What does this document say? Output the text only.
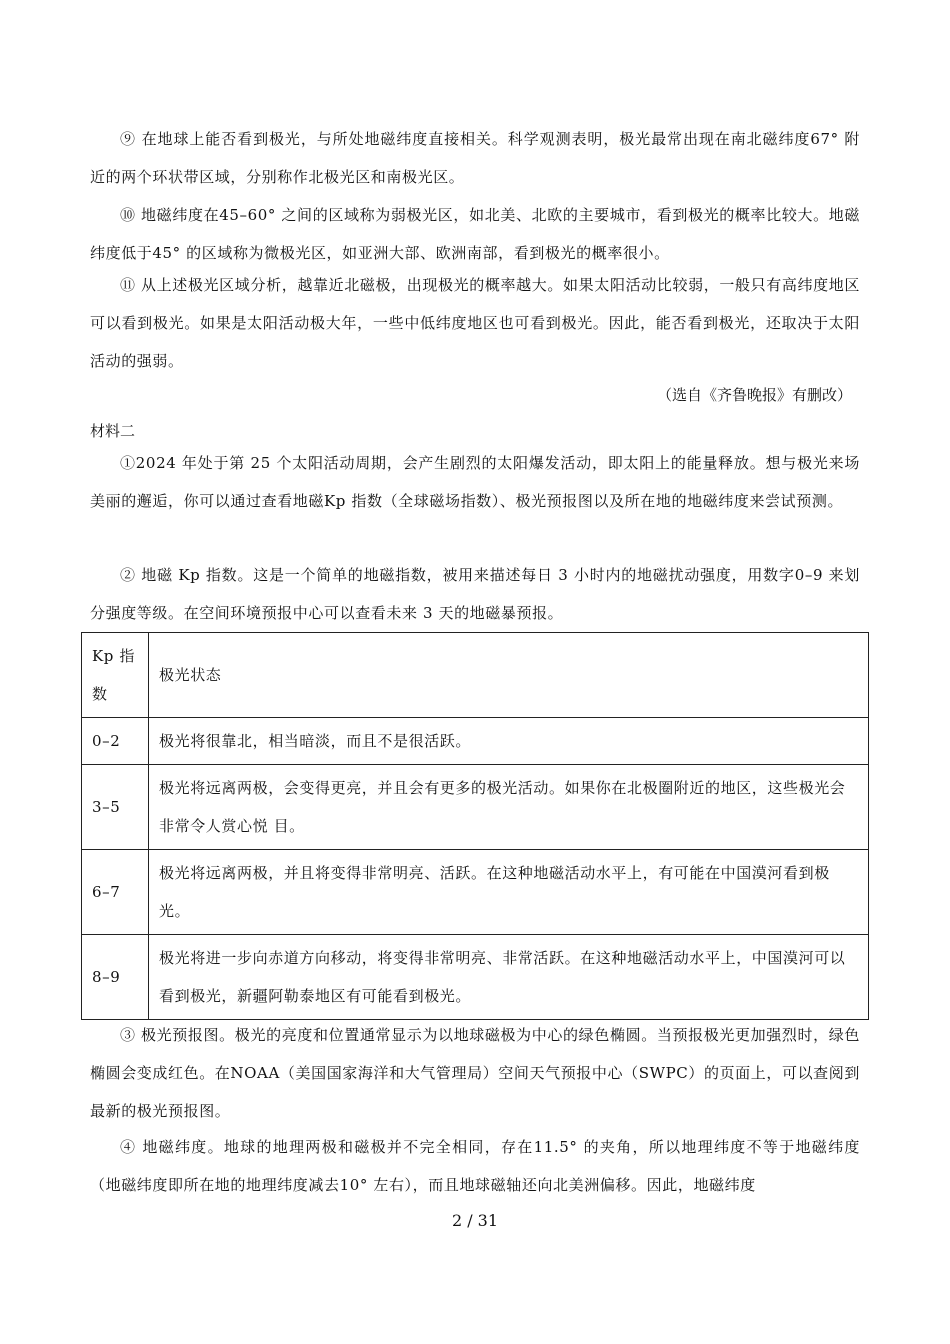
⑨ 在地球上能否看到极光，与所处地磁纬度直接相关。科学观测表明，极光最常出现在南北磁纬度67° 附近的两个环状带区域，分别称作北极光区和南极光区。

⑩ 地磁纬度在45–60° 之间的区域称为弱极光区，如北美、北欧的主要城市，看到极光的概率比较大。地磁纬度低于45° 的区域称为微极光区，如亚洲大部、欧洲南部，看到极光的概率很小。

⑪ 从上述极光区域分析，越靠近北磁极，出现极光的概率越大。如果太阳活动比较弱，一般只有高纬度地区可以看到极光。如果是太阳活动极大年，一些中低纬度地区也可看到极光。因此，能否看到极光，还取决于太阳活动的强弱。

（选自《齐鲁晚报》有删改）
材料二

①2024 年处于第 25 个太阳活动周期，会产生剧烈的太阳爆发活动，即太阳上的能量释放。想与极光来场美丽的邂逅，你可以通过查看地磁Kp 指数（全球磁场指数）、极光预报图以及所在地的地磁纬度来尝试预测。

② 地磁 Kp 指数。这是一个简单的地磁指数，被用来描述每日 3 小时内的地磁扰动强度，用数字0–9 来划分强度等级。在空间环境预报中心可以查看未来 3 天的地磁暴预报。

Kp 指数	极光状态
0–2	极光将很靠北，相当暗淡，而且不是很活跃。
3–5	极光将远离两极，会变得更亮，并且会有更多的极光活动。如果你在北极圈附近的地区，这些极光会非常令人赏心悦 目。
6–7	极光将远离两极，并且将变得非常明亮、活跃。在这种地磁活动水平上，有可能在中国漠河看到极光。
8–9	极光将进一步向赤道方向移动，将变得非常明亮、非常活跃。在这种地磁活动水平上，中国漠河可以看到极光，新疆阿勒泰地区有可能看到极光。

③ 极光预报图。极光的亮度和位置通常显示为以地球磁极为中心的绿色椭圆。当预报极光更加强烈时，绿色椭圆会变成红色。在NOAA（美国国家海洋和大气管理局）空间天气预报中心（SWPC）的页面上，可以查阅到最新的极光预报图。

④ 地磁纬度。地球的地理两极和磁极并不完全相同，存在11.5° 的夹角，所以地理纬度不等于地磁纬度（地磁纬度即所在地的地理纬度减去10° 左右），而且地球磁轴还向北美洲偏移。因此，地磁纬度

2 / 31
